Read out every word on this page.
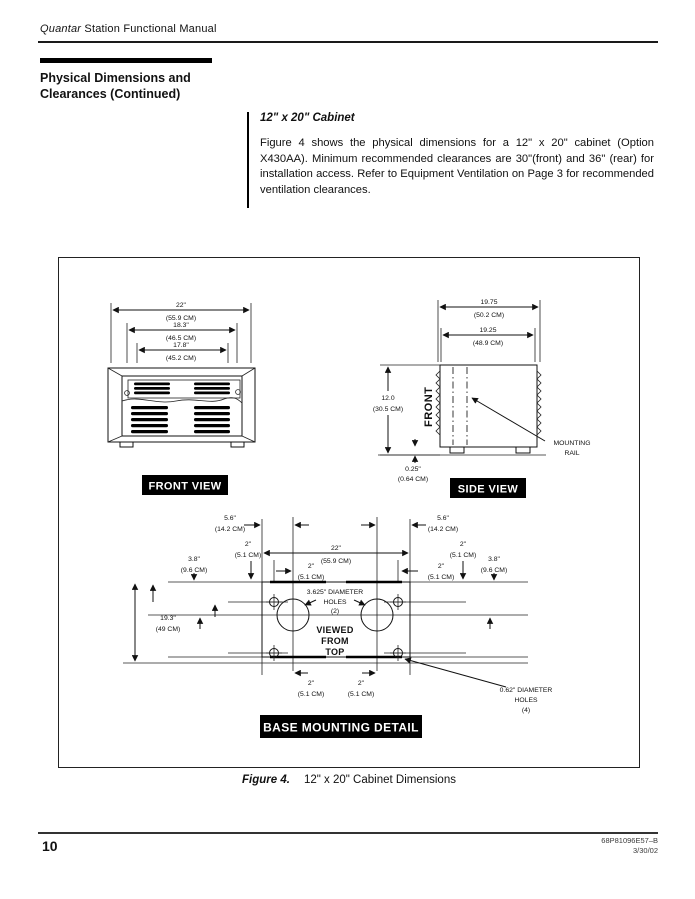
Quantar Station Functional Manual
Physical Dimensions and
Clearances (Continued)
12" x 20" Cabinet
Figure 4 shows the physical dimensions for a 12" x 20" cabinet (Option X430AA). Minimum recommended clearances are 30"(front) and 36" (rear) for installation access. Refer to Equipment Ventilation on Page 3 for recommended ventilation clearances.
22"
(55.9 CM)
18.3"
(46.5 CM)
17.8"
(45.2 CM)
FRONT VIEW
19.75
(50.2 CM)
19.25
(48.9 CM)
FRONT
12.0
(30.5 CM)
0.25"
(0.64 CM)
MOUNTING
RAIL
SIDE VIEW
5.6"
(14.2 CM)
5.6"
(14.2 CM)
22"
(55.9 CM)
2"
(5.1 CM)
2"
(5.1 CM)
3.8"
(9.6 CM)
3.8"
(9.6 CM)
2"
(5.1 CM)
2"
(5.1 CM)
19.3"
(49 CM)
3.625" DIAMETER
HOLES
(2)
VIEWED
FROM
TOP
2"
(5.1 CM)
2"
(5.1 CM)
0.62" DIAMETER
HOLES
(4)
BASE MOUNTING DETAIL
Figure 4. 12" x 20" Cabinet Dimensions
10	68P81096E57–B
3/30/02
